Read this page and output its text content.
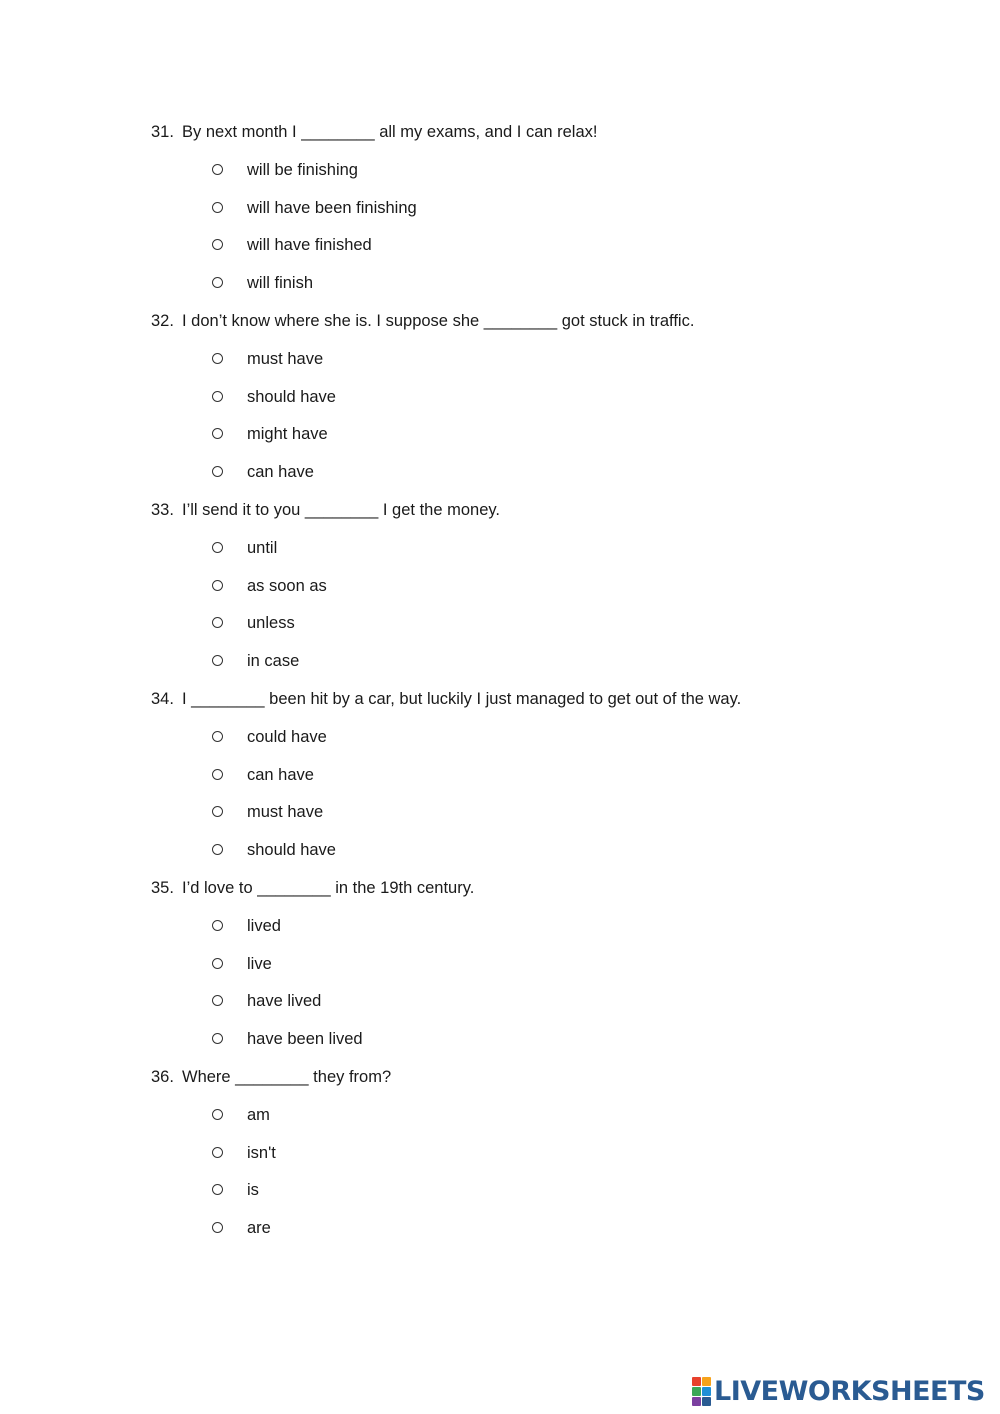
31. By next month I ________ all my exams, and I can relax!
will be finishing
will have been finishing
will have finished
will finish
32. I don’t know where she is. I suppose she ________ got stuck in traffic.
must have
should have
might have
can have
33. I’ll send it to you ________ I get the money.
until
as soon as
unless
in case
34. I ________ been hit by a car, but luckily I just managed to get out of the way.
could have
can have
must have
should have
35. I’d love to ________ in the 19th century.
lived
live
have lived
have been lived
36. Where ________ they from?
am
isn't
is
are
LIVEWORKSHEETS
